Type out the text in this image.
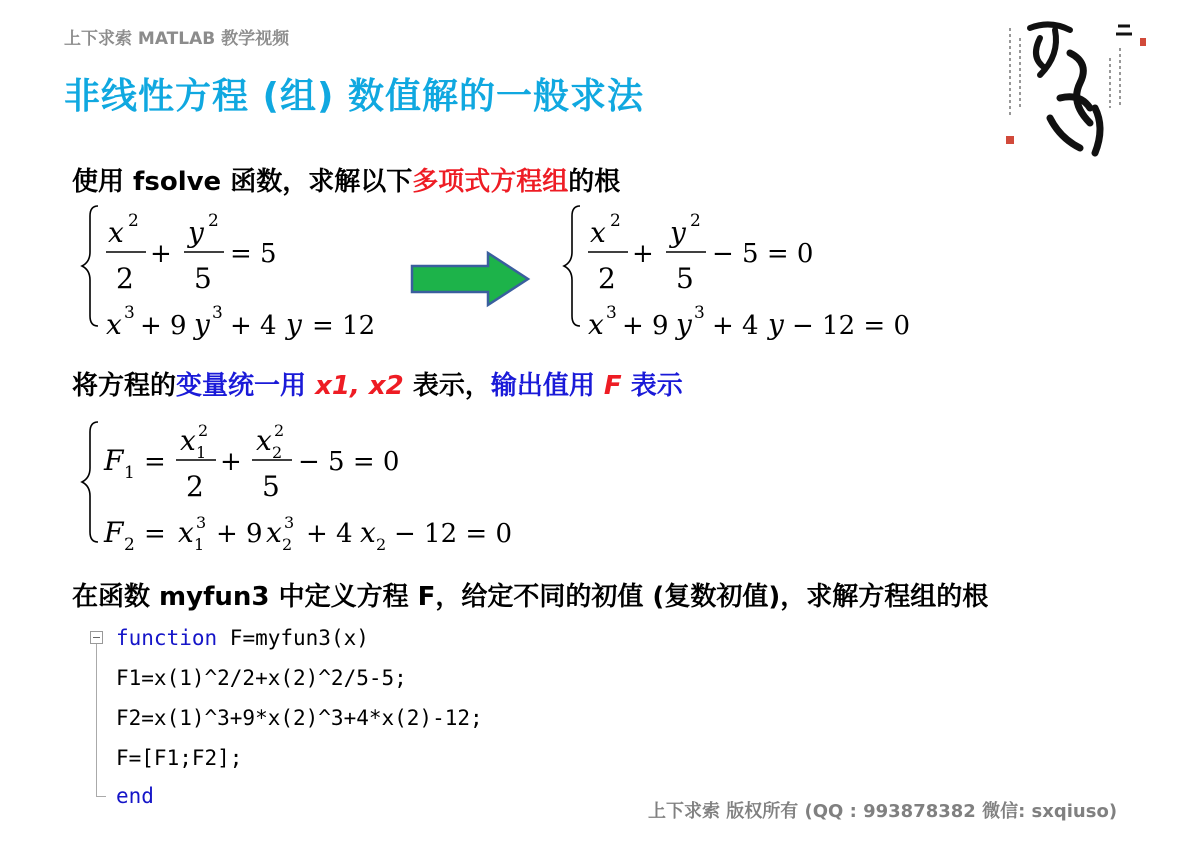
上下求索 MATLAB 教学视频
非线性方程 (组) 数值解的一般求法
使用 fsolve 函数，求解以下多项式方程组的根
x 2
2
+
y 2
5
= 5
x 3 + 9 y 3 + 4 y = 12
x 2
2
+
y 2
5
− 5 = 0
x 3 + 9 y 3 + 4 y − 12 = 0
将方程的变量统一用 x1, x2 表示，输出值用 F 表示
F 1 =
x 1
2
2
+
x 2
2
5
− 5 = 0
F 2 = x 1
3 + 9 x 2
3 + 4 x 2 − 12 = 0
在函数 myfun3 中定义方程 F，给定不同的初值 (复数初值)，求解方程组的根
function F=myfun3(x)
F1=x(1)^2/2+x(2)^2/5-5;
F2=x(1)^3+9*x(2)^3+4*x(2)-12;
F=[F1;F2];
end
上下求索 版权所有 (QQ : 993878382 微信: sxqiuso)
